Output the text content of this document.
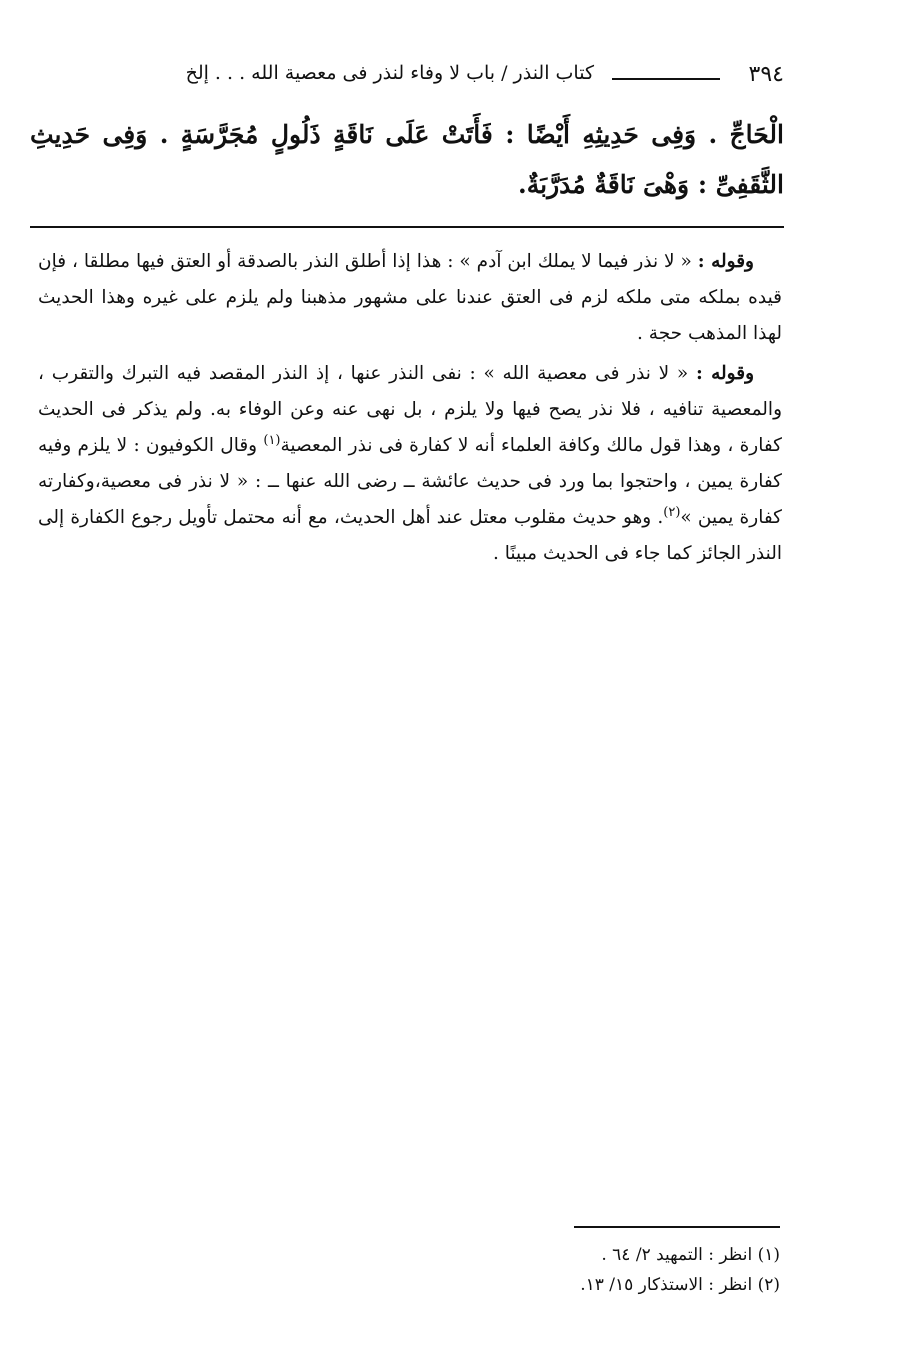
٣٩٤
كتاب النذر / باب لا وفاء لنذر فى معصية الله . . . إلخ

الْحَاجِّ . وَفِى حَدِيثِهِ أَيْضًا : فَأَتَتْ عَلَى نَاقَةٍ ذَلُولٍ مُجَرَّسَةٍ . وَفِى حَدِيثِ الثَّقَفِىِّ : وَهْىَ نَاقَةٌ مُدَرَّبَةٌ.

وقوله : « لا نذر فيما لا يملك ابن آدم » : هذا إذا أطلق النذر بالصدقة أو العتق فيها مطلقا ، فإن قيده بملكه متى ملكه لزم فى العتق عندنا على مشهور مذهبنا ولم يلزم على غيره وهذا الحديث لهذا المذهب حجة .

وقوله : « لا نذر فى معصية الله » : نفى النذر عنها ، إذ النذر المقصد فيه التبرك والتقرب ، والمعصية تنافيه ، فلا نذر يصح فيها ولا يلزم ، بل نهى عنه وعن الوفاء به. ولم يذكر فى الحديث كفارة ، وهذا قول مالك وكافة العلماء أنه لا كفارة فى نذر المعصية$^{(١)}$ وقال الكوفيون : لا يلزم وفيه كفارة يمين ، واحتجوا بما ورد فى حديث عائشة ــ رضى الله عنها ــ : « لا نذر فى معصية،وكفارته كفارة يمين »$^{(٢)}$. وهو حديث مقلوب معتل عند أهل الحديث، مع أنه محتمل تأويل رجوع الكفارة إلى النذر الجائز كما جاء فى الحديث مبينًا .

(١) انظر : التمهيد ٢/ ٦٤ .

(٢) انظر : الاستذكار ١٥/ ١٣.
